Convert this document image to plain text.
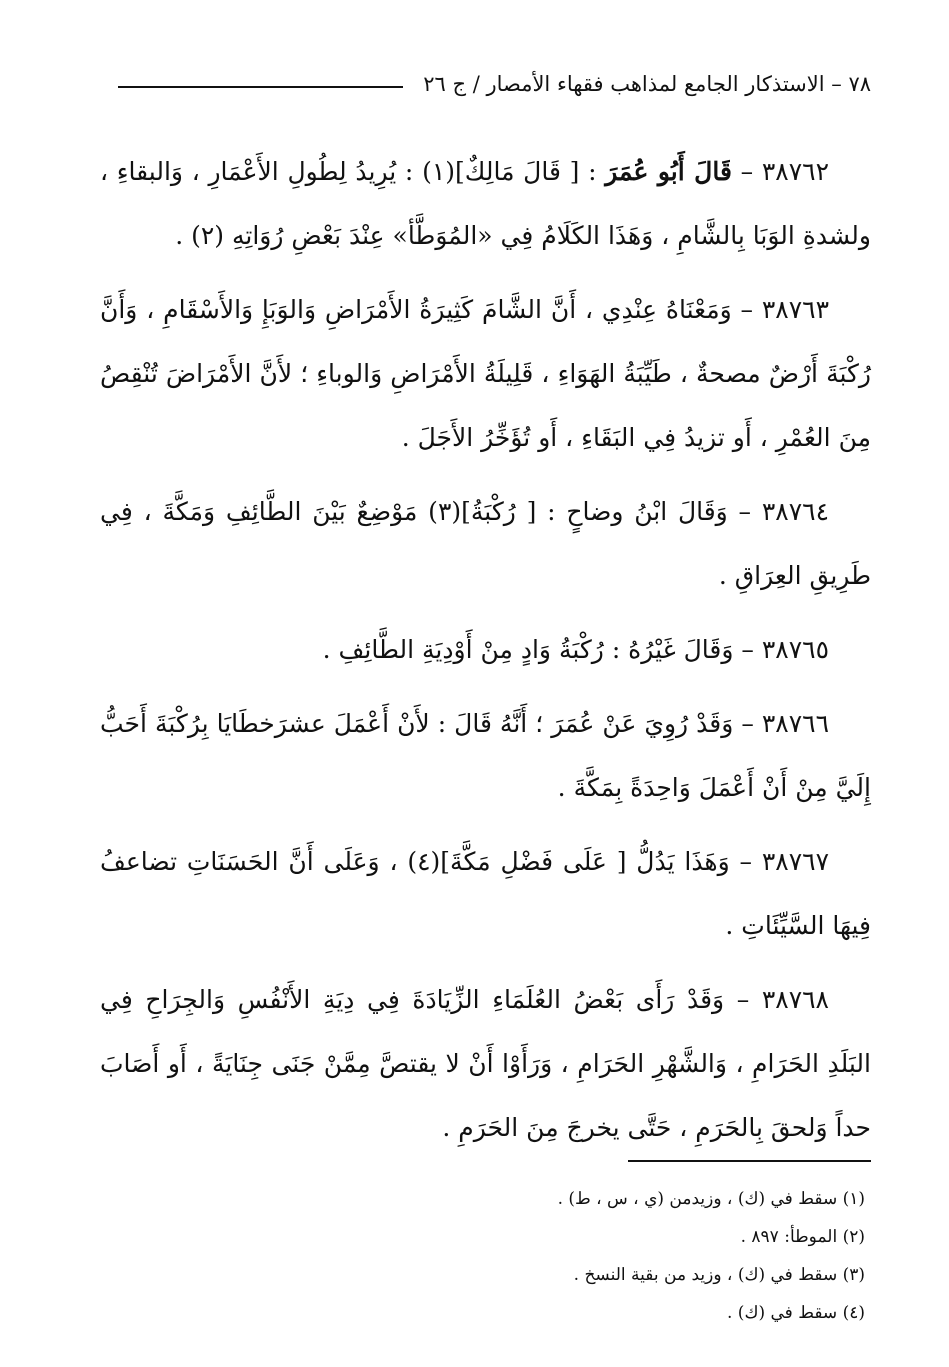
٧٨ – الاستذكار الجامع لمذاهب فقهاء الأمصار / ج ٢٦

٣٨٧٦٢ – قَالَ أَبُو عُمَرَ : [ قَالَ مَالِكٌ](١) : يُرِيدُ لِطُولِ الأَعْمَارِ ، وَالبقاءِ ، ولشدةِ الوَبَا بِالشَّامِ ، وَهَذَا الكَلَامُ فِي «المُوَطَّأ» عِنْدَ بَعْضِ رُوَاتِهِ (٢) .

٣٨٧٦٣ – وَمَعْنَاهُ عِنْدِي ، أَنَّ الشَّامَ كَثِيرَةُ الأَمْرَاضِ وَالوَبَإِ وَالأَسْقَامِ ، وَأَنَّ رُكْبَةَ أَرْضٌ مصحةٌ ، طَيِّبَةُ الهَوَاءِ ، قَلِيلَةُ الأَمْرَاضِ وَالوباءِ ؛ لأَنَّ الأَمْرَاضَ تُنْقِصُ مِنَ العُمْرِ ، أَو تزيدُ فِي البَقَاءِ ، أَو تُؤَخِّرُ الأَجَلَ .

٣٨٧٦٤ – وَقَالَ ابْنُ وضاحٍ : [ رُكْبَةُ](٣) مَوْضِعٌ بَيْنَ الطَّائِفِ وَمَكَّةَ ، فِي طَرِيقِ العِرَاقِ .

٣٨٧٦٥ – وَقَالَ غَيْرُهُ : رُكْبَةُ وَادٍ مِنْ أَوْدِيَةِ الطَّائِفِ .

٣٨٧٦٦ – وَقَدْ رُوِيَ عَنْ عُمَرَ ؛ أَنَّهُ قَالَ : لأَنْ أَعْمَلَ عشرَخطَايَا بِرُكْبَةَ أَحَبُّ إِلَيَّ مِنْ أَنْ أَعْمَلَ وَاحِدَةً بِمَكَّةَ .

٣٨٧٦٧ – وَهَذَا يَدُلُّ [ عَلَى فَضْلِ مَكَّةَ](٤) ، وَعَلَى أَنَّ الحَسَنَاتِ تضاعفُ فِيهَا السَّيِّئَاتِ .

٣٨٧٦٨ – وَقَدْ رَأَى بَعْضُ العُلَمَاءِ الزِّيَادَةَ فِي دِيَةِ الأَنْفُسِ وَالجِرَاحِ فِي البَلَدِ الحَرَامِ ، وَالشَّهْرِ الحَرَامِ ، وَرَأَوْا أَنْ لا يقتصَّ مِمَّنْ جَنَى جِنَايَةً ، أَو أَصَابَ حداً وَلحقَ بِالحَرَمِ ، حَتَّى يخرجَ مِنَ الحَرَمِ .

(١) سقط في (ك) ، وزيدمن (ي ، س ، ط) .

(٢) الموطأ: ٨٩٧ .

(٣) سقط في (ك) ، وزيد من بقية النسخ .

(٤) سقط في (ك) .
